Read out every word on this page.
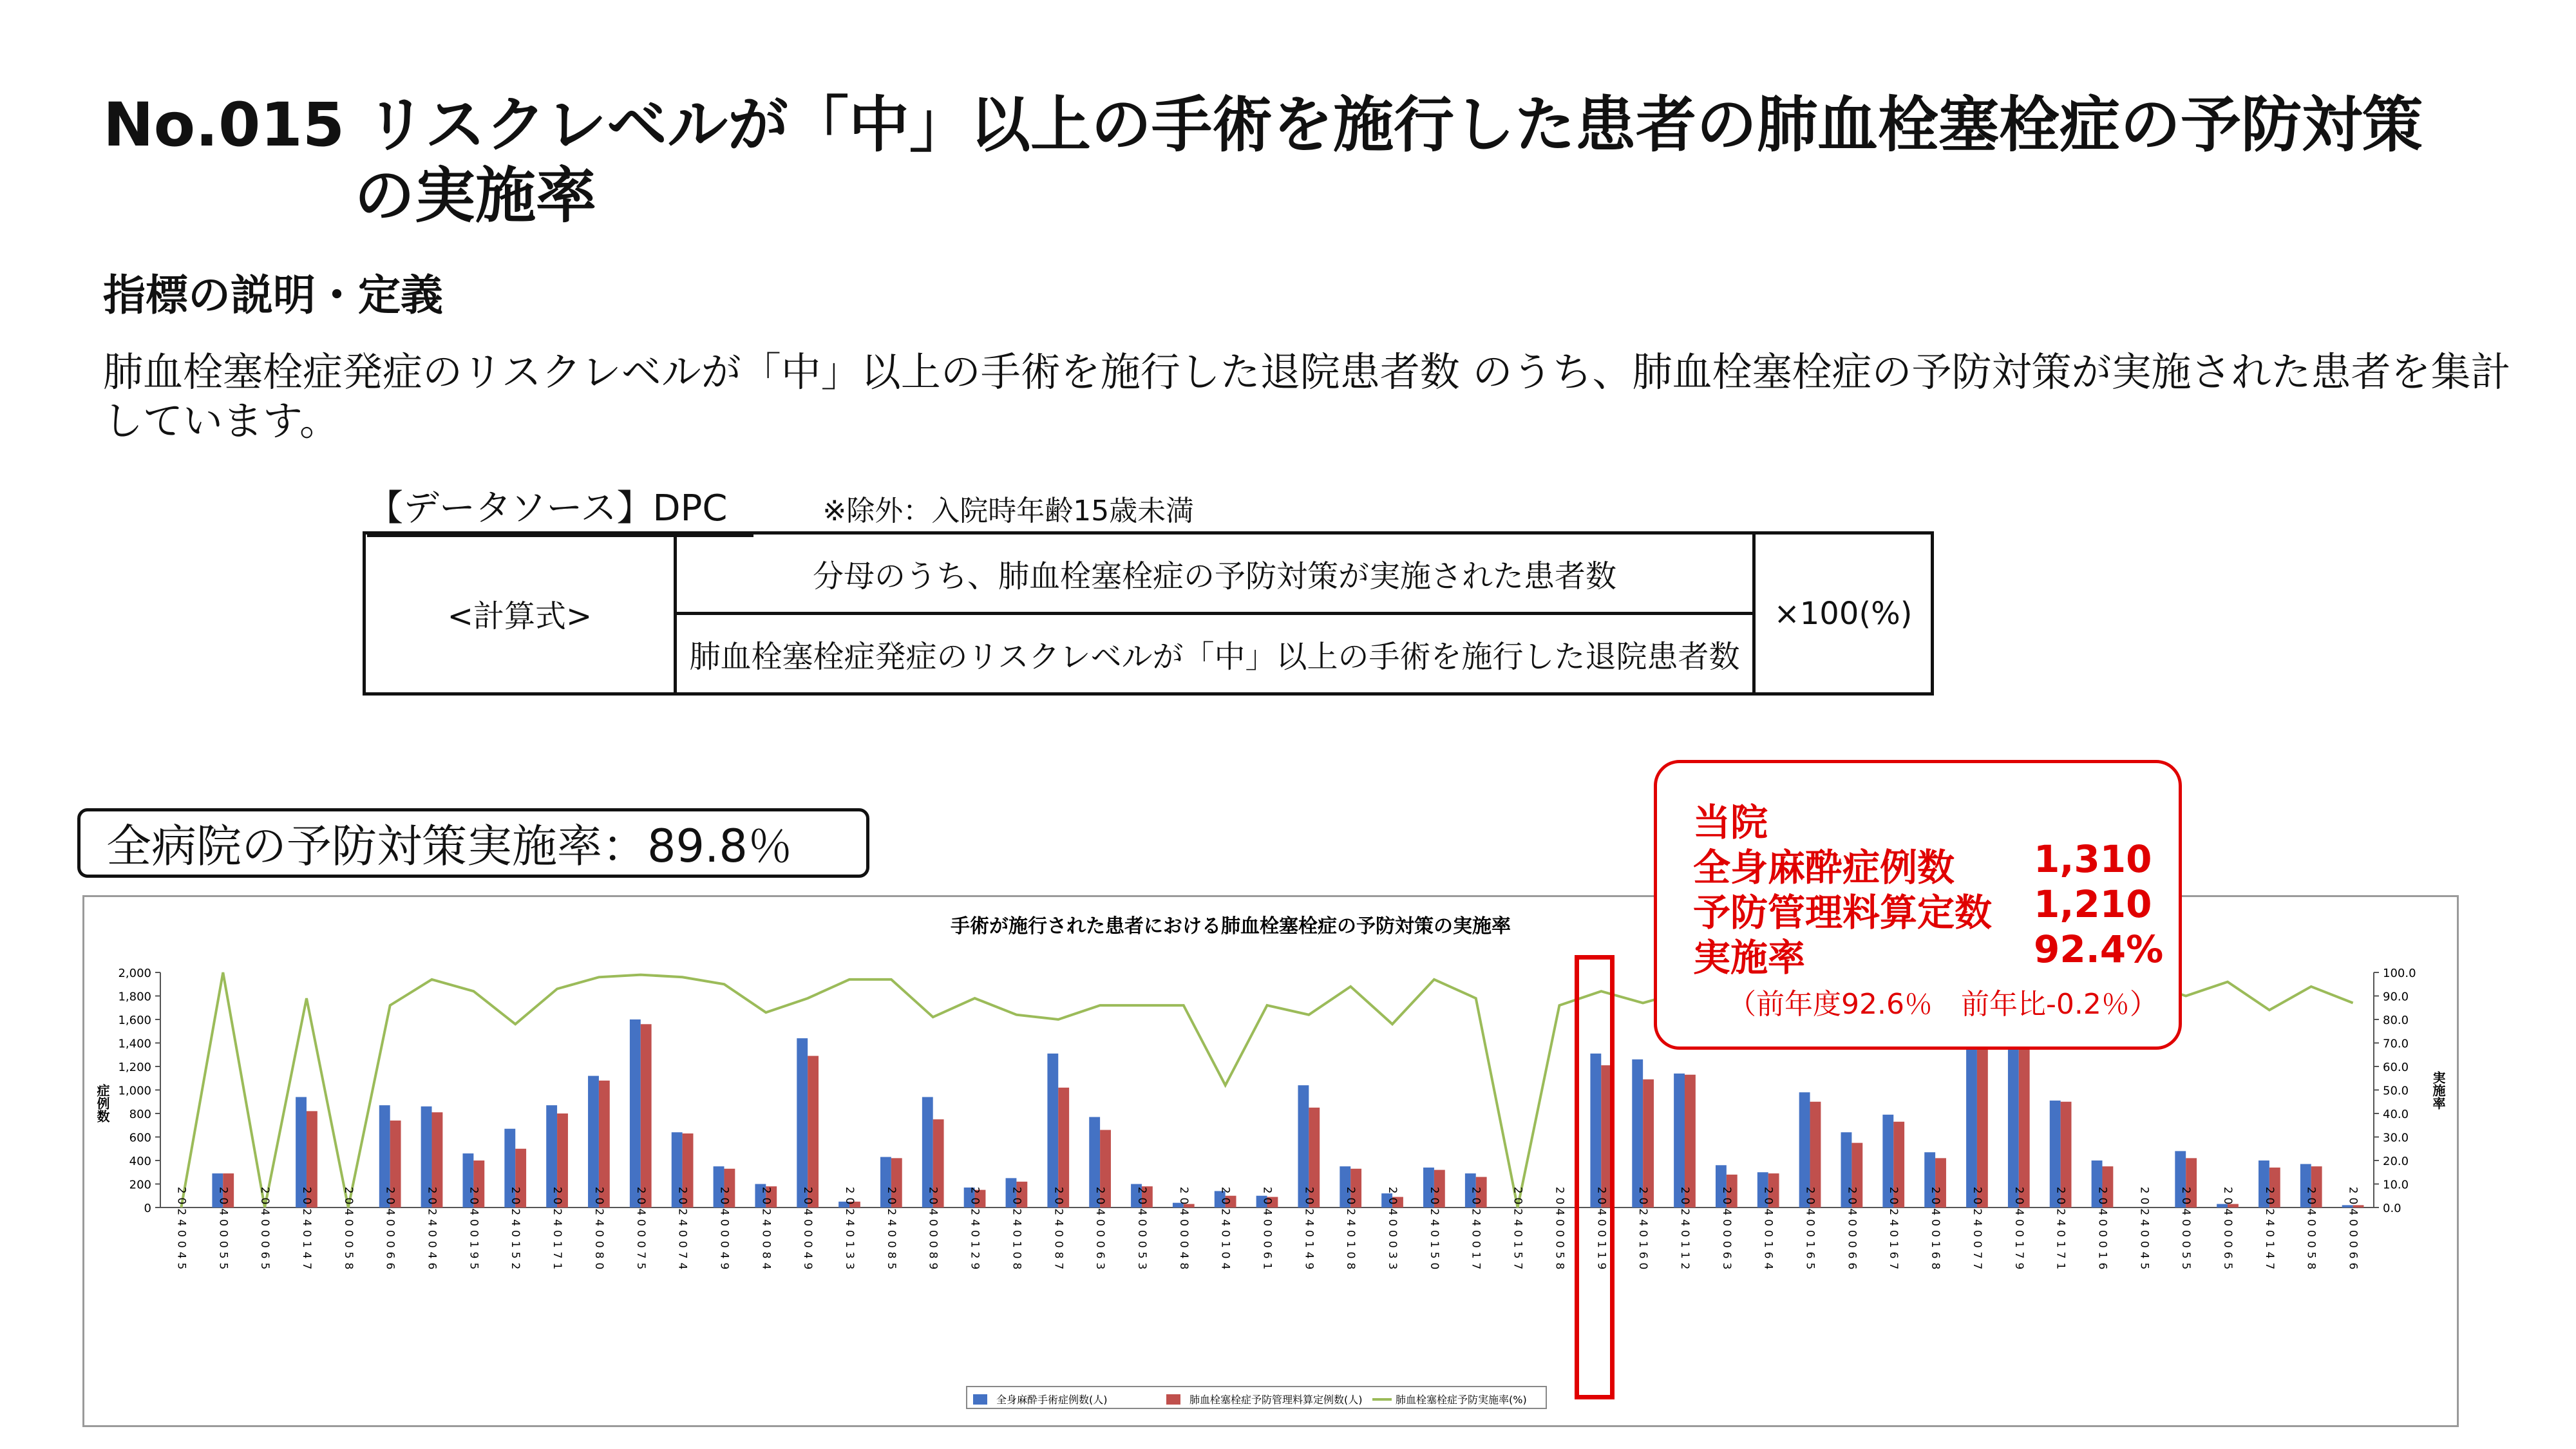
No.015 リスクレベルが「中」以上の手術を施行した患者の肺血栓塞栓症の予防対策
の実施率
指標の説明・定義

肺血栓塞栓症発症のリスクレベルが「中」以上の手術を施行した退院患者数 のうち、肺血栓塞栓症の予防対策が実施された患者を集計しています。

【データソース】DPC	※除外：入院時年齢15歳未満
<計算式>	分母のうち、肺血栓塞栓症の予防対策が実施された患者数	×100(%)
肺血栓塞栓症発症のリスクレベルが「中」以上の手術を施行した退院患者数
全病院の予防対策実施率：89.8％
手術が施行された患者における肺血栓塞栓症の予防対策の実施率
症例数	実施率
0
200
400
600
800
1,000
1,200
1,400
1,600
1,800
2,000
0.0
10.0
20.0
30.0
40.0
50.0
60.0
70.0
80.0
90.0
100.0
20240045	20400055	20400065	20240147	20400058	20400066	20240046	20400195	20240152	20240171	20240080	20400075	20240074	20400049	20240084	20400049	20240133	20240085	20400089	20240129	20240108	20240087	20400063	20400053	20400048	20240104	20400061	20240149	20240108	20400033	20240150	20240017	20240157	20400058	20400119	20240160	20240112	20400063	20400164	20400165	20400066	20240167	20400168	20240077	20400179	20240171	20400016	20240045	20400055	20400065	20240147	20400058	20400066
全身麻酔手術症例数(人)	肺血栓塞栓症予防管理料算定例数(人)	肺血栓塞栓症予防実施率(%)
当院
全身麻酔症例数 1,310
予防管理料算定数 1,210
実施率	92.4%
（前年度92.6％　前年比-0.2％）
